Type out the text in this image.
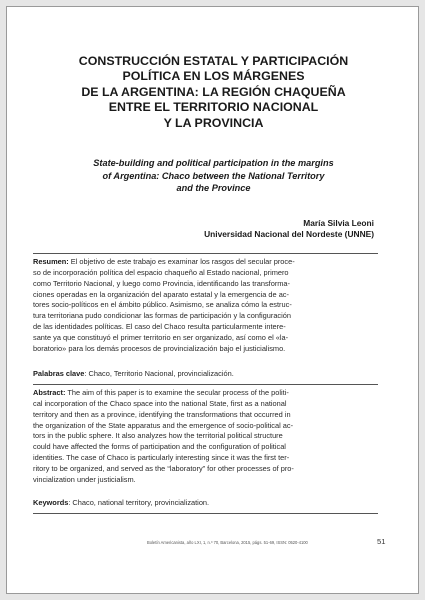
CONSTRUCCIÓN ESTATAL Y PARTICIPACIÓN
POLÍTICA EN LOS MÁRGENES
DE LA ARGENTINA: LA REGIÓN CHAQUEÑA
ENTRE EL TERRITORIO NACIONAL
Y LA PROVINCIA
State-building and political participation in the margins
of Argentina: Chaco between the National Territory
and the Province
María Silvia Leoni
Universidad Nacional del Nordeste (UNNE)
Resumen: El objetivo de este trabajo es examinar los rasgos del secular proce-
so de incorporación política del espacio chaqueño al Estado nacional, primero
como Territorio Nacional, y luego como Provincia, identificando las transforma-
ciones operadas en la organización del aparato estatal y la emergencia de ac-
tores socio-políticos en el ámbito público. Asimismo, se analiza cómo la estruc-
tura territoriana pudo condicionar las formas de participación y la configuración
de las identidades políticas. El caso del Chaco resulta particularmente intere-
sante ya que constituyó el primer territorio en ser organizado, así como el «la-
boratorio» para los demás procesos de provincialización bajo el justicialismo.
Palabras clave: Chaco, Territorio Nacional, provincialización.
Abstract: The aim of this paper is to examine the secular process of the politi-
cal incorporation of the Chaco space into the national State, first as a national
territory and then as a province, identifying the transformations that occurred in
the organization of the State apparatus and the emergence of socio-political ac-
tors in the public sphere. It also analyzes how the territorial political structure
could have affected the forms of participation and the configuration of political
identities. The case of Chaco is particularly interesting since it was the first ter-
ritory to be organized, and served as the “laboratory” for other processes of pro-
vincialization under justicialism.
Keywords: Chaco, national territory, provincialization.
Boletín Americanista, año LXI, 1, n.º 70, Barcelona, 2015, págs. 51-69, ISSN: 0520-4100	51
